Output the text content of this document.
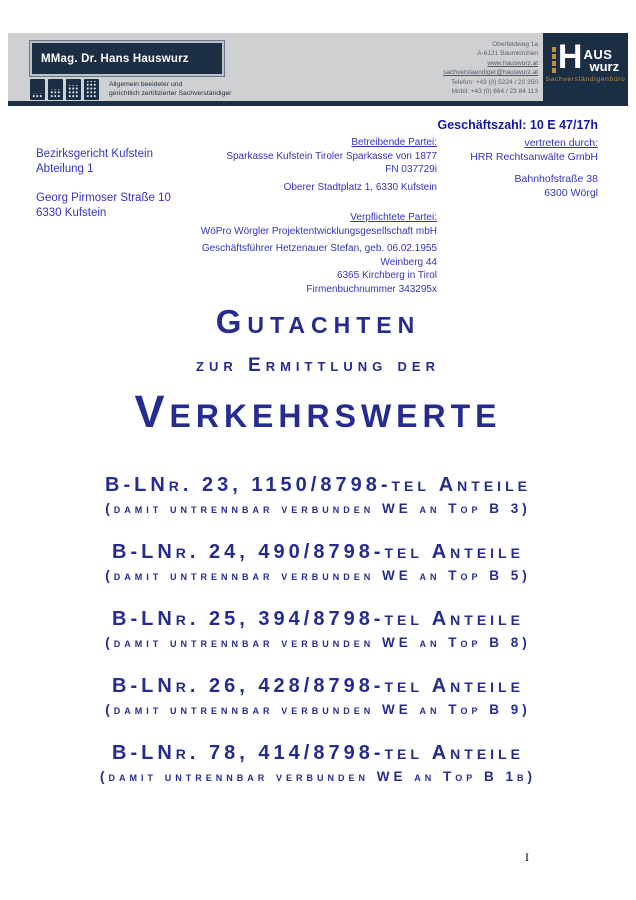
MMag. Dr. Hans Hauswurz
Allgemein beeideter und
gerichtlich zertifizierter Sachverständiger
Oberfeldweg 1a
A-6121 Baumkirchen
www.hauswurz.at
sachverstaendiger@hauswurz.at
Telefon: +43 (0) 5224 / 20 350
Mobil: +43 (0) 664 / 23 84 113
H AUS
wurz
Sachverständigenbüro
Geschäftszahl: 10 E 47/17h
Bezirksgericht Kufstein
Abteilung 1
Georg Pirmoser Straße 10
6330 Kufstein
Betreibende Partei:
Sparkasse Kufstein Tiroler Sparkasse von 1877
FN 037729i
Oberer Stadtplatz 1, 6330 Kufstein
Verpflichtete Partei:
WöPro Wörgler Projektentwicklungsgesellschaft mbH
Geschäftsführer Hetzenauer Stefan, geb. 06.02.1955
Weinberg 44
6365 Kirchberg in Tirol
Firmenbuchnummer 343295x
vertreten durch:
HRR Rechtsanwälte GmbH
Bahnhofstraße 38
6300 Wörgl
Gutachten
zur Ermittlung der
Verkehrswerte
B-LNr. 23, 1150/8798-tel Anteile
(damit untrennbar verbunden WE an Top B 3)
B-LNr. 24, 490/8798-tel Anteile
(damit untrennbar verbunden WE an Top B 5)
B-LNr. 25, 394/8798-tel Anteile
(damit untrennbar verbunden WE an Top B 8)
B-LNr. 26, 428/8798-tel Anteile
(damit untrennbar verbunden WE an Top B 9)
B-LNr. 78, 414/8798-tel Anteile
(damit untrennbar verbunden WE an Top B 1b)
I
